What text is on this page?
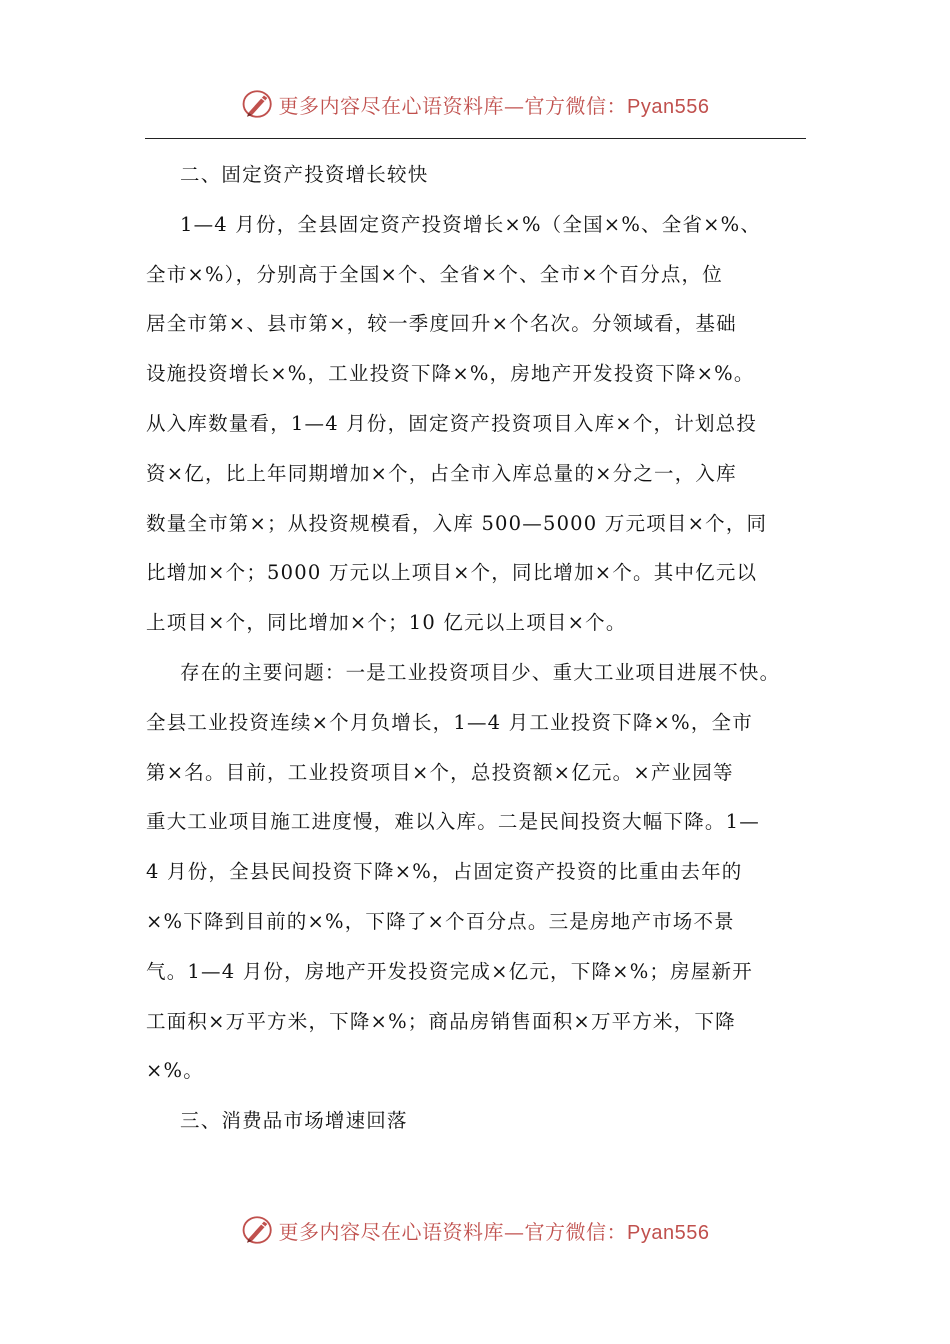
更多内容尽在心语资料库—官方微信：Pyan556
二、固定资产投资增长较快
1—4 月份，全县固定资产投资增长×%（全国×%、全省×%、
全市×%），分别高于全国×个、全省×个、全市×个百分点，位
居全市第×、县市第×，较一季度回升×个名次。分领域看，基础
设施投资增长×%，工业投资下降×%，房地产开发投资下降×%。
从入库数量看，1—4 月份，固定资产投资项目入库×个，计划总投
资×亿，比上年同期增加×个，占全市入库总量的×分之一，入库
数量全市第×；从投资规模看，入库 500—5000 万元项目×个，同
比增加×个；5000 万元以上项目×个，同比增加×个。其中亿元以
上项目×个，同比增加×个；10 亿元以上项目×个。
存在的主要问题：一是工业投资项目少、重大工业项目进展不快。
全县工业投资连续×个月负增长，1—4 月工业投资下降×%，全市
第×名。目前，工业投资项目×个，总投资额×亿元。×产业园等
重大工业项目施工进度慢，难以入库。二是民间投资大幅下降。1—
4 月份，全县民间投资下降×%，占固定资产投资的比重由去年的
×%下降到目前的×%，下降了×个百分点。三是房地产市场不景
气。1—4 月份，房地产开发投资完成×亿元，下降×%；房屋新开
工面积×万平方米，下降×%；商品房销售面积×万平方米，下降
×%。
三、消费品市场增速回落
更多内容尽在心语资料库—官方微信：Pyan556
